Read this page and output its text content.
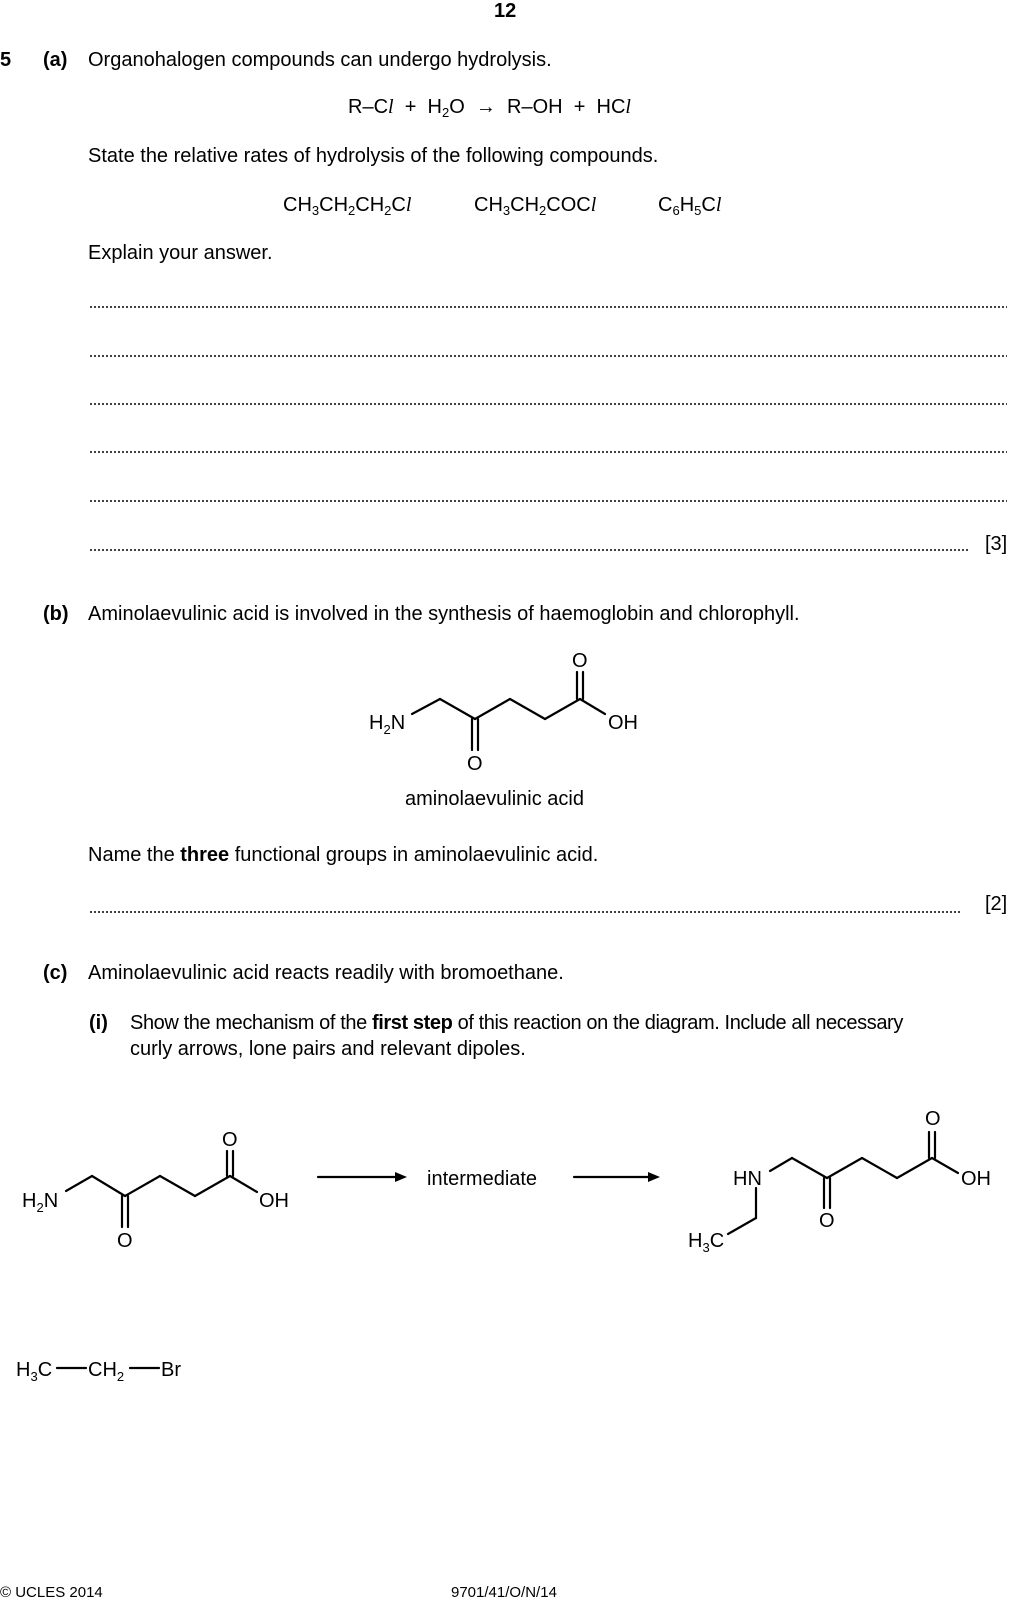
12
5 (a) Organohalogen compounds can undergo hydrolysis.
$R-Cl + H_2O \to R-OH$ + HCl
State the relative rates of hydrolysis of the following compounds.
$CH_3CH_2CH_2Cl$	$CH_3CH_2COCl$	$C_6H_5Cl$
Explain your answer.
[3]
(b) Aminolaevulinic acid is involved in the synthesis of haemoglobin and chlorophyll.
$H_2N$
O
O
OH
aminolaevulinic acid
Name the three functional groups in aminolaevulinic acid.
[2]
(c) Aminolaevulinic acid reacts readily with bromoethane.
(i) Show the mechanism of the first step of this reaction on the diagram. Include all necessary
curly arrows, lone pairs and relevant dipoles.
$H_2N$
O
O
OH
intermediate	HN
$H_3C$
O
O
OH
$H_3C$ $CH_2$ Br
© UCLES 2014	9701/41/O/N/14
